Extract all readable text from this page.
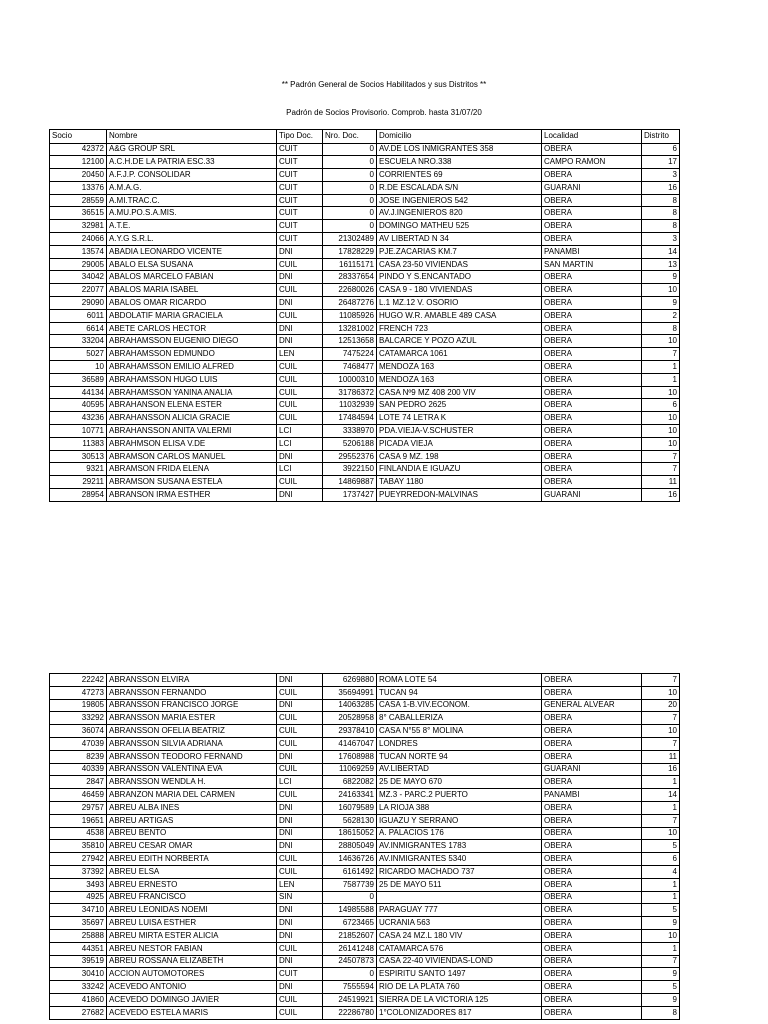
** Padrón General de Socios Habilitados y sus Distritos **
Padrón de Socios Provisorio. Comprob. hasta 31/07/20
Socio	Nombre	Tipo Doc.	Nro. Doc.	Domicilio	Localidad	Distrito
42372	A&G GROUP SRL	CUIT	0	AV.DE LOS INMIGRANTES 358	OBERA	6
12100	A.C.H.DE LA PATRIA ESC.33	CUIT	0	ESCUELA NRO.338	CAMPO RAMON	17
20450	A.F.J.P. CONSOLIDAR	CUIT	0	CORRIENTES 69	OBERA	3
13376	A.M.A.G.	CUIT	0	R.DE ESCALADA S/N	GUARANI	16
28559	A.MI.TRAC.C.	CUIT	0	JOSE INGENIEROS 542	OBERA	8
36515	A.MU.PO.S.A.MIS.	CUIT	0	AV.J.INGENIEROS 820	OBERA	8
32981	A.T.E.	CUIT	0	DOMINGO MATHEU 525	OBERA	8
24066	A.Y.G S.R.L.	CUIT	21302489	AV LIBERTAD N 34	OBERA	3
13574	ABADIA LEONARDO VICENTE	DNI	17828229	PJE.ZACARIAS KM.7	PANAMBI	14
29005	ABALO ELSA SUSANA	CUIL	16115171	CASA 23-50 VIVIENDAS	SAN MARTIN	13
34042	ABALOS MARCELO FABIAN	DNI	28337654	PINDO Y S.ENCANTADO	OBERA	9
22077	ABALOS MARIA ISABEL	CUIL	22680026	CASA 9 - 180 VIVIENDAS	OBERA	10
29090	ABALOS OMAR RICARDO	DNI	26487276	L.1 MZ.12 V. OSORIO	OBERA	9
6011	ABDOLATIF MARIA GRACIELA	CUIL	11085926	HUGO W.R. AMABLE 489 CASA	OBERA	2
6614	ABETE CARLOS HECTOR	DNI	13281002	FRENCH 723	OBERA	8
33204	ABRAHAMSSON EUGENIO DIEGO	DNI	12513658	BALCARCE Y POZO AZUL	OBERA	10
5027	ABRAHAMSSON EDMUNDO	LEN	7475224	CATAMARCA 1061	OBERA	7
10	ABRAHAMSSON EMILIO ALFRED	CUIL	7468477	MENDOZA 163	OBERA	1
36589	ABRAHAMSSON HUGO LUIS	CUIL	10000310	MENDOZA 163	OBERA	1
44134	ABRAHAMSSON YANINA ANALIA	CUIL	31786372	CASA Nº9 MZ 408 200 VIV	OBERA	10
40595	ABRAHANSON ELENA ESTER	CUIL	11032939	SAN PEDRO 2625	OBERA	6
43236	ABRAHANSSON ALICIA GRACIE	CUIL	17484594	LOTE 74 LETRA K	OBERA	10
10771	ABRAHANSSON ANITA VALERMI	LCI	3338970	PDA.VIEJA-V.SCHUSTER	OBERA	10
11383	ABRAHMSON ELISA V.DE	LCI	5206188	PICADA VIEJA	OBERA	10
30513	ABRAMSON CARLOS MANUEL	DNI	29552376	CASA 9 MZ. 198	OBERA	7
9321	ABRAMSON FRIDA ELENA	LCI	3922150	FINLANDIA E IGUAZU	OBERA	7
29211	ABRAMSON SUSANA ESTELA	CUIL	14869887	TABAY 1180	OBERA	11
28954	ABRANSON IRMA ESTHER	DNI	1737427	PUEYRREDON-MALVINAS	GUARANI	16
22242	ABRANSSON ELVIRA	DNI	6269880	ROMA LOTE 54	OBERA	7
47273	ABRANSSON FERNANDO	CUIL	35694991	TUCAN 94	OBERA	10
19805	ABRANSSON FRANCISCO JORGE	DNI	14063285	CASA 1-B.VIV.ECONOM.	GENERAL ALVEAR	20
33292	ABRANSSON MARIA ESTER	CUIL	20528958	8° CABALLERIZA	OBERA	7
36074	ABRANSSON OFELIA BEATRIZ	CUIL	29378410	CASA N°55 8° MOLINA	OBERA	10
47039	ABRANSSON SILVIA ADRIANA	CUIL	41467047	LONDRES	OBERA	7
8239	ABRANSSON TEODORO FERNAND	DNI	17608988	TUCAN NORTE 94	OBERA	11
40339	ABRANSSON VALENTINA EVA	CUIL	11069259	AV.LIBERTAD	GUARANI	16
2847	ABRANSSON WENDLA H.	LCI	6822082	25 DE MAYO 670	OBERA	1
46459	ABRANZON MARIA DEL CARMEN	CUIL	24163341	MZ.3 - PARC.2 PUERTO	PANAMBI	14
29757	ABREU ALBA INES	DNI	16079589	LA RIOJA 388	OBERA	1
19651	ABREU ARTIGAS	DNI	5628130	IGUAZU Y SERRANO	OBERA	7
4538	ABREU BENTO	DNI	18615052	A. PALACIOS 176	OBERA	10
35810	ABREU CESAR OMAR	DNI	28805049	AV.INMIGRANTES 1783	OBERA	5
27942	ABREU EDITH NORBERTA	CUIL	14636726	AV.INMIGRANTES 5340	OBERA	6
37392	ABREU ELSA	CUIL	6161492	RICARDO MACHADO 737	OBERA	4
3493	ABREU ERNESTO	LEN	7587739	25 DE MAYO 511	OBERA	1
4925	ABREU FRANCISCO	SIN	0		OBERA	1
34710	ABREU LEONIDAS NOEMI	DNI	14985588	PARAGUAY 777	OBERA	5
35697	ABREU LUISA ESTHER	DNI	6723465	UCRANIA 563	OBERA	9
25888	ABREU MIRTA ESTER ALICIA	DNI	21852607	CASA 24 MZ.L 180 VIV	OBERA	10
44351	ABREU NESTOR FABIAN	CUIL	26141248	CATAMARCA 576	OBERA	1
39519	ABREU ROSSANA ELIZABETH	DNI	24507873	CASA 22-40 VIVIENDAS-LOND	OBERA	7
30410	ACCION AUTOMOTORES	CUIT	0	ESPIRITU SANTO 1497	OBERA	9
33242	ACEVEDO ANTONIO	DNI	7555594	RIO DE LA PLATA 760	OBERA	5
41860	ACEVEDO DOMINGO JAVIER	CUIL	24519921	SIERRA DE LA VICTORIA 125	OBERA	9
27682	ACEVEDO ESTELA MARIS	CUIL	22286780	1°COLONIZADORES 817	OBERA	8
